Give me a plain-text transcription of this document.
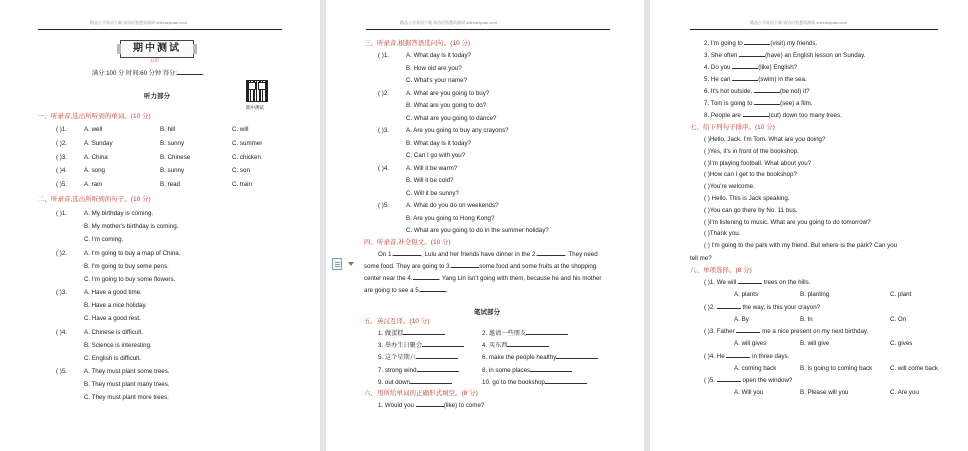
精品小学英语下载 请访问智慧资源网 zhihuiziyuan.com
期中测试
五年
满分:100 分 时间:60 分钟 得分:
听力部分
期中测试
一、听录音,选出所听到的单词。(10 分)
( )1.	A. well	B. hill	C. will
( )2.	A. Sunday	B. sunny	C. summer
( )3.	A. China	B. Chinese	C. chicken
( )4.	A. song	B. sunny	C. son
( )5.	A. rain	B. read	C. train
二、听录音,选出所听到的句子。(10 分)
( )1.	A. My birthday is coming.
B. My mother's birthday is coming.
C. I'm coming.
( )2.	A. I'm going to buy a map of China.
B. I'm going to buy some pens.
C. I'm going to buy some flowers.
( )3.	A. Have a good time.
B. Have a nice holiday.
C. Have a good rest.
( )4.	A. Chinese is difficult.
B. Science is interesting.
C. English is difficult.
( )5.	A. They must plant some trees.
B. They must plant many trees.
C. They must plant more trees.
精品小学英语下载 请访问智慧资源网 zhihuiziyuan.com
三、听录音,根据答语选问句。(10 分)
( )1.	A. What day is it today?
B. How old are you?
C. What's your name?
( )2.	A. What are you going to buy?
B. What are you going to do?
C. What are you going to dance?
( )3.	A. Are you going to buy any crayons?
B. What day is it today?
C. Can I go with you?
( )4.	A. Will it be warm?
B. Will it be cold?
C. Will it be sunny?
( )5.	A. What do you do on weekends?
B. Are you going to Hong Kong?
C. What are you going to do in the summer holiday?
四、听录音,补全短文。(10 分)
On 1.	, Lulu and her friends have dinner in the 2.	. They need
some food. They are going to 3.	some food and some fruits at the shopping
center near the 4.	. Yang Lin isn't going with them, because he and his mother
are going to see a 5.	.
笔试部分
五、英汉互译。(10 分)
1. 做蛋糕	2. 邀请一些朋友
3. 举办生日聚会	4. 买东西
5. 这个星期六	6. make the people healthy
7. strong wind	8. in some places
9. out down	10. go to the bookshop
六、用所给单词的正确形式填空。(8 分)
1. Would you	(like) to come?
精品小学英语下载 请访问智慧资源网 zhihuiziyuan.com
2. I'm going to	(visit) my friends.
3. She often	(have) an English lesson on Sunday.
4. Do you	(like) English?
5. He can	(swim) in the sea.
6. It's hot outside,	(be not) it?
7. Tom is going to	(see) a film.
8. People are	(cut) down too many trees.
七、给下列句子排序。(10 分)
( )Hello, Jack. I'm Tom. What are you doing?
( )Yes, it's in front of the bookshop.
( )I'm playing football. What about you?
( )How can I get to the bookshop?
( )You're welcome.
( ) Hello. This is Jack speaking.
( )You can go there by No. 11 bus.
( )I'm listening to music. What are you going to do tomorrow?
( )Thank you.
( ) I'm going to the park with my friend. But where is the park? Can you
tell me?
八、单项选择。(8 分)
( )1. We will	trees on the hills.
A. plants	B. planting	C. plant
( )2.	the way, is this your crayon?
A. By	B. In	C. On
( )3. Father	me a nice present on my next birthday.
A. will gives	B. will give	C. gives
( )4. He	in three days.
A. coming back	B. is going to coming back	C. will come back
( )5.	open the window?
A. Will you	B. Please will you	C. Are you
